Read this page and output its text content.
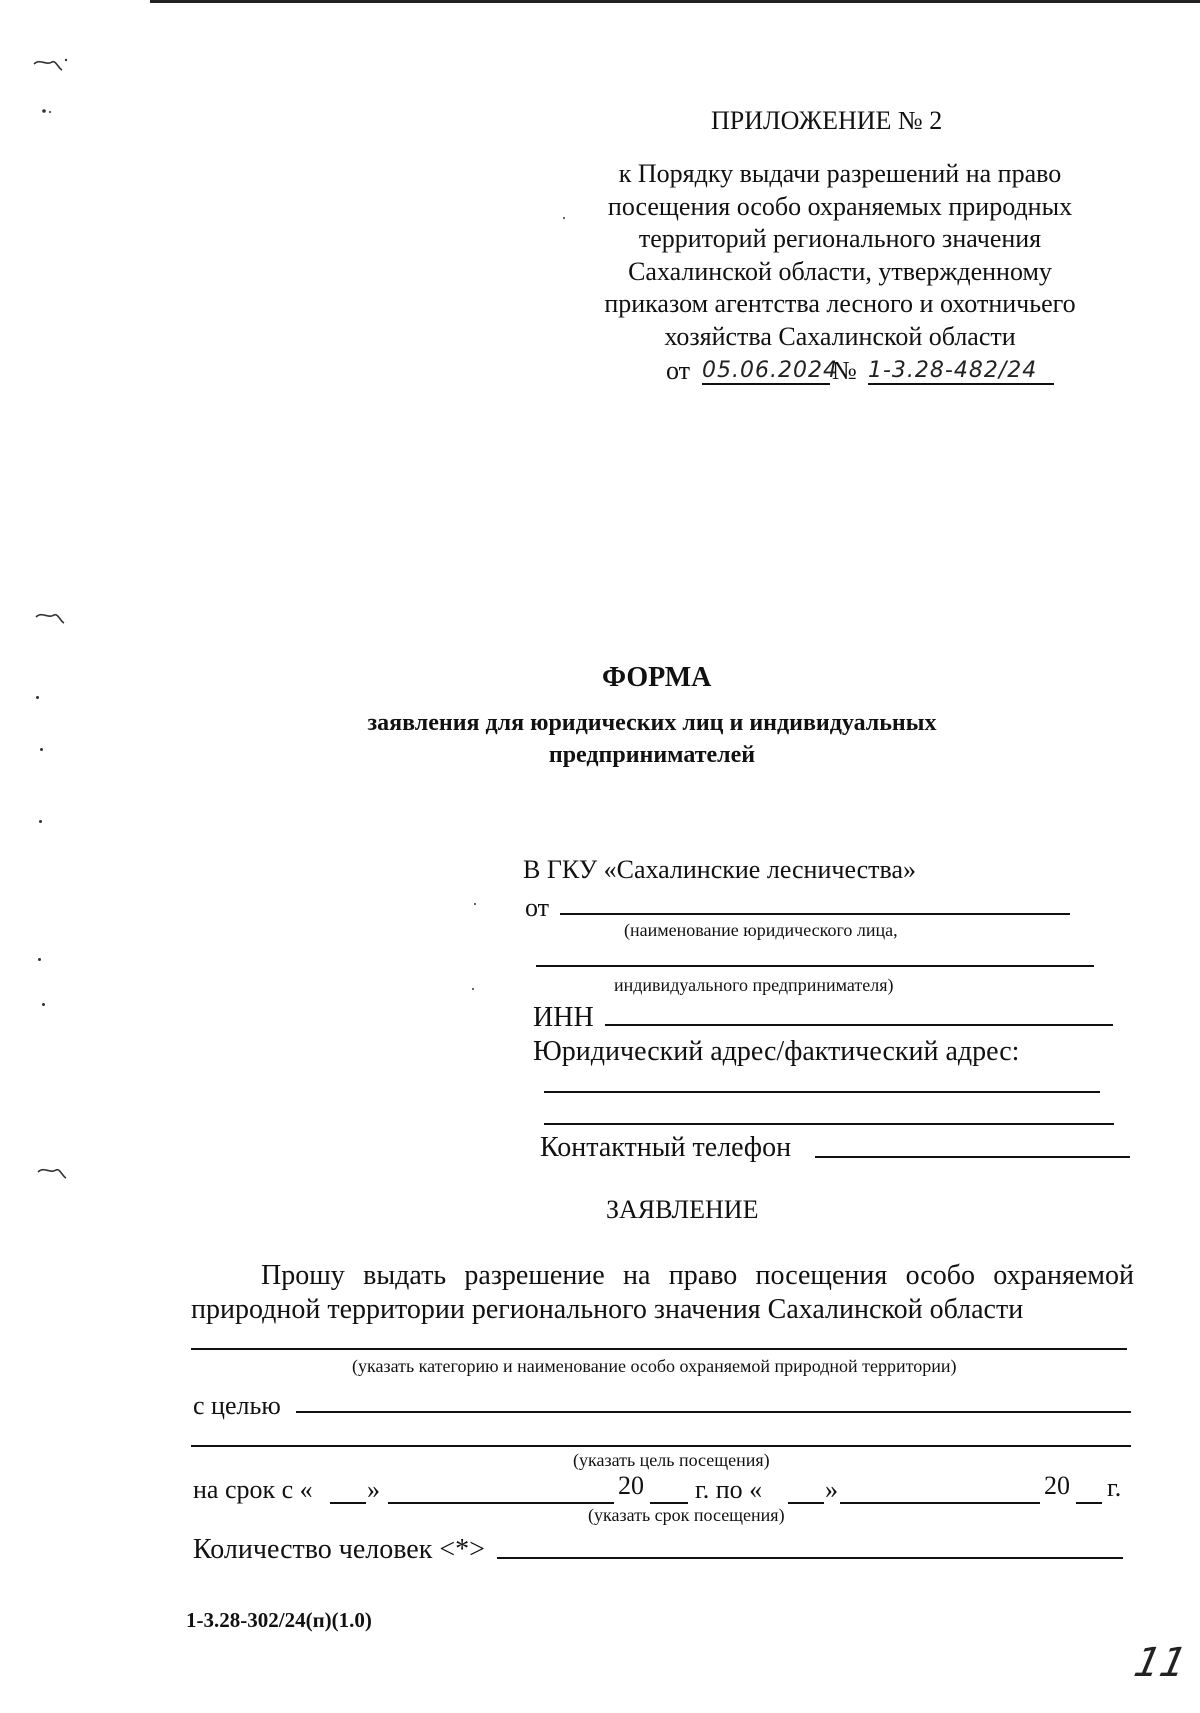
ПРИЛОЖЕНИЕ № 2
к Порядку выдачи разрешений на право
посещения особо охраняемых природных
территорий регионального значения
Сахалинской области, утвержденному
приказом агентства лесного и охотничьего
хозяйства Сахалинской области
от 05.06.2024
№ 1-3.28-482/24
ФОРМА
заявления для юридических лиц и индивидуальных
предпринимателей
В ГКУ «Сахалинские лесничества»
от
(наименование юридического лица,
индивидуального предпринимателя)
ИНН
Юридический адрес/фактический адрес:
Контактный телефон
ЗАЯВЛЕНИЕ
Прошу выдать разрешение на право посещения особо охраняемой
природной территории регионального значения Сахалинской области
(указать категорию и наименование особо охраняемой природной территории)
с целью
(указать цель посещения)
на срок с « »	20 г. по « »	20 г.
(указать срок посещения)
Количество человек <*>
1-3.28-302/24(п)(1.0)
11
